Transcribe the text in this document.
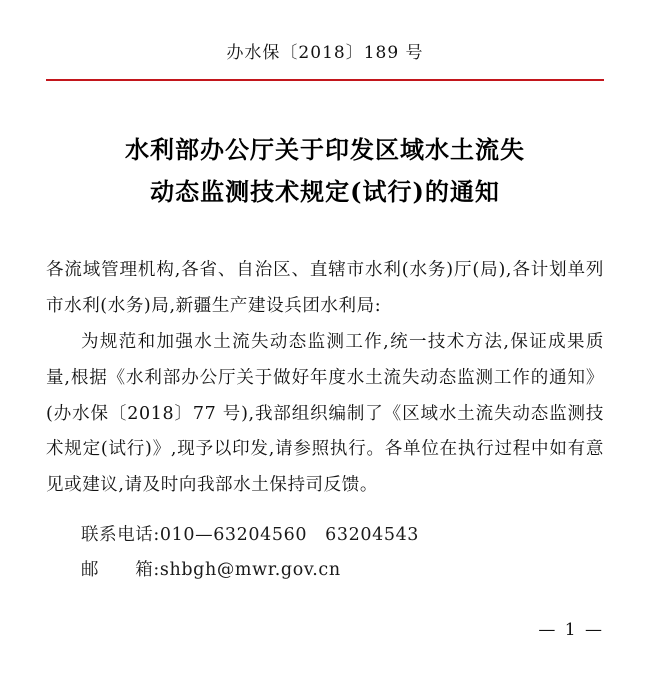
办水保〔2018〕189 号
水利部办公厅关于印发区域水土流失
动态监测技术规定(试行)的通知

各流域管理机构,各省、自治区、直辖市水利(水务)厅(局),各计划单列市水利(水务)局,新疆生产建设兵团水利局:

为规范和加强水土流失动态监测工作,统一技术方法,保证成果质量,根据《水利部办公厅关于做好年度水土流失动态监测工作的通知》(办水保〔2018〕77 号),我部组织编制了《区域水土流失动态监测技术规定(试行)》,现予以印发,请参照执行。各单位在执行过程中如有意见或建议,请及时向我部水土保持司反馈。

联系电话:010—63204560　63204543
邮　　箱:shbgh@mwr.gov.cn
— 1 —
